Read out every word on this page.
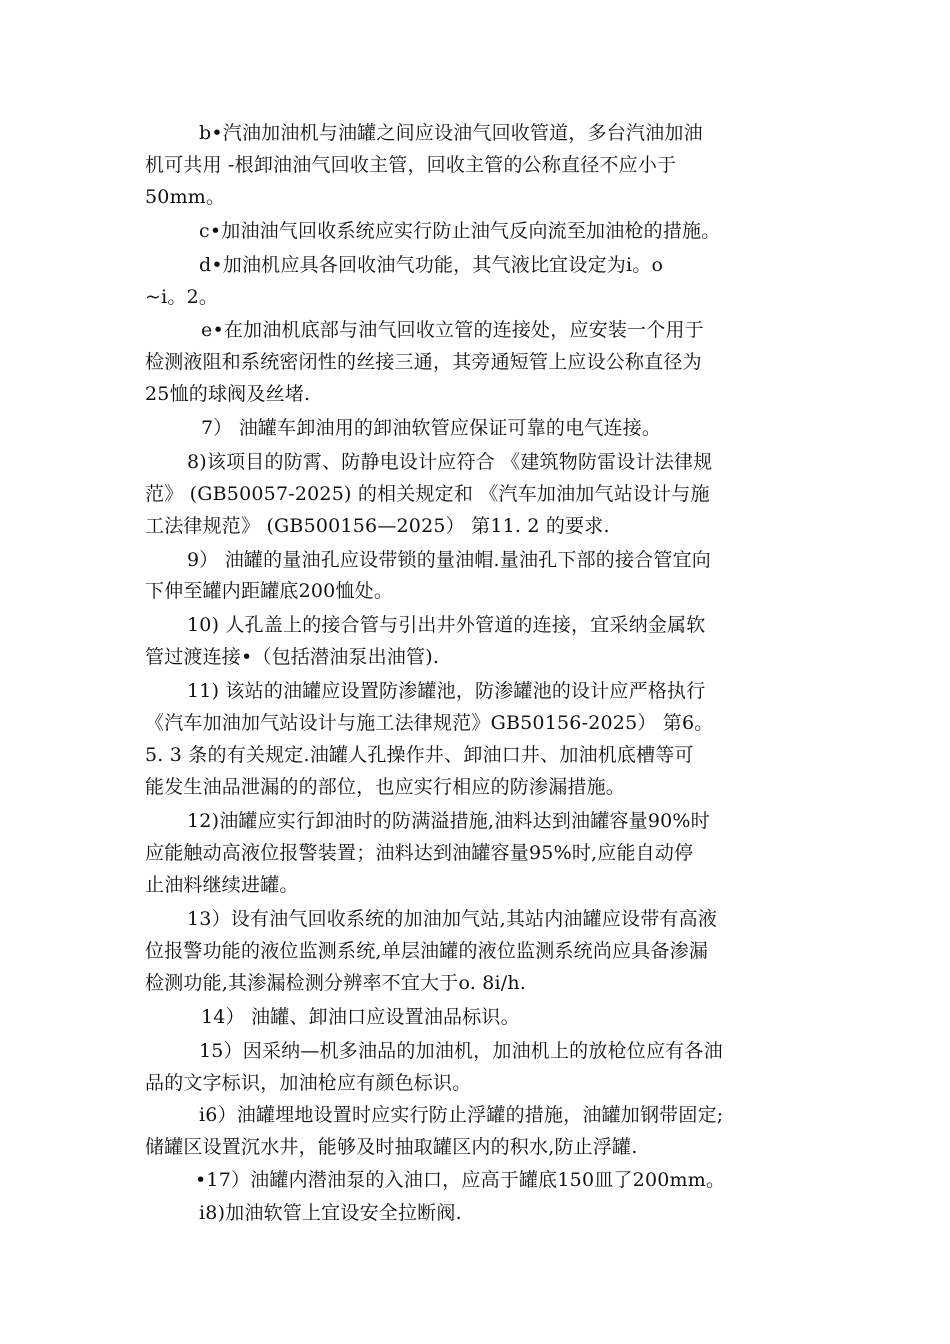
b•汽油加油机与油罐之间应设油气回收管道，多台汽油加油
机可共用 -根卸油油气回收主管，回收主管的公称直径不应小于
50mm。
c•加油油气回收系统应实行防止油气反向流至加油枪的措施。
d•加油机应具各回收油气功能，其气液比宜设定为i。o
~i。2。
e•在加油机底部与油气回收立管的连接处，应安装一个用于
检测液阻和系统密闭性的丝接三通，其旁通短管上应设公称直径为
25恤的球阀及丝堵.
7） 油罐车卸油用的卸油软管应保证可靠的电气连接。
8)该项目的防霄、防静电设计应符合 《建筑物防雷设计法律规
范》 (GB50057-2025) 的相关规定和 《汽车加油加气站设计与施
工法律规范》 (GB500156—2025） 第11. 2 的要求.
9） 油罐的量油孔应设带锁的量油帽.量油孔下部的接合管宜向
下伸至罐内距罐底200恤处。
10) 人孔盖上的接合管与引出井外管道的连接，宜采纳金属软
管过渡连接•（包括潜油泵出油管).
11) 该站的油罐应设置防渗罐池，防渗罐池的设计应严格执行
《汽车加油加气站设计与施工法律规范》GB50156-2025） 第6。
5. 3 条的有关规定.油罐人孔操作井、卸油口井、加油机底槽等可
能发生油品泄漏的的部位，也应实行相应的防渗漏措施。
12)油罐应实行卸油时的防满溢措施,油料达到油罐容量90%时
应能触动高液位报警装置；油料达到油罐容量95%时,应能自动停
止油料继续进罐。
13）设有油气回收系统的加油加气站,其站内油罐应设带有高液
位报警功能的液位监测系统,单层油罐的液位监测系统尚应具备渗漏
检测功能,其渗漏检测分辨率不宜大于o. 8i/h.
14） 油罐、卸油口应设置油品标识。
15）因采纳—机多油品的加油机，加油机上的放枪位应有各油
品的文字标识，加油枪应有颜色标识。
i6）油罐埋地设置时应实行防止浮罐的措施，油罐加钢带固定;
储罐区设置沉水井，能够及时抽取罐区内的积水,防止浮罐.
•17）油罐内潜油泵的入油口，应高于罐底150皿了200mm。
i8)加油软管上宜设安全拉断阀.
